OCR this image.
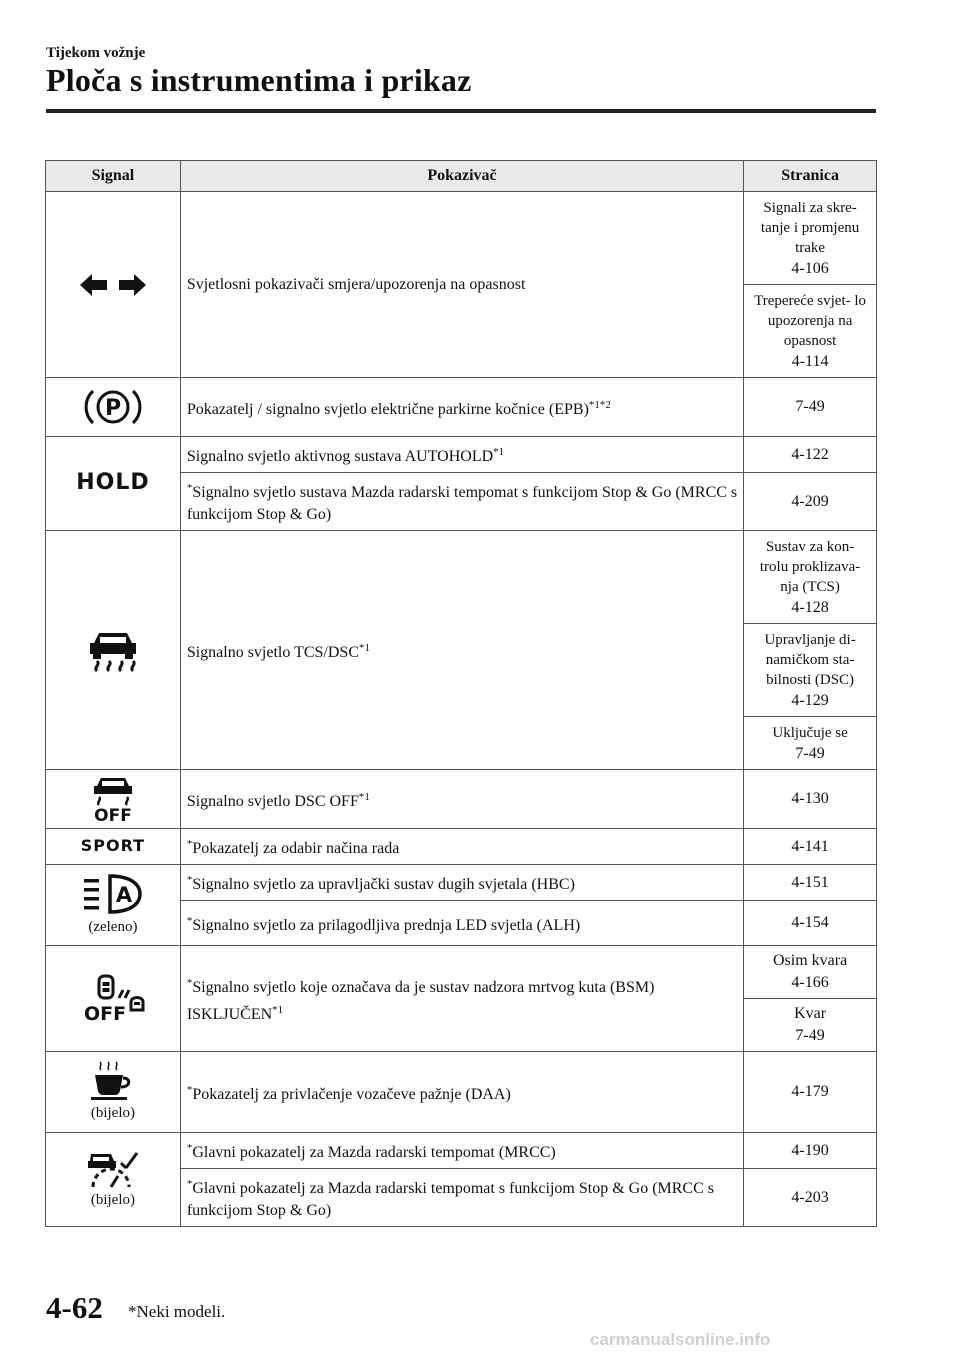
Tijekom vožnje
Ploča s instrumentima i prikaz
Signal	Pokazivač	Stranica

	Svjetlosni pokazivači smjera/upozorenja na opasnost	Signali za skre- tanje i promjenu trake
4-106

		Trepereće svjet- lo upozorenja na opasnost
4-114

P	Pokazatelj / signalno svjetlo električne parkirne kočnice (EPB)$^{*1*2}$	7-49
HOLD	Signalno svjetlo aktivnog sustava AUTOHOLD$^{*1}$	4-122
	*Signalno svjetlo sustava Mazda radarski tempomat s funkcijom Stop & Go (MRCC s funkcijom Stop & Go)	4-209

	Signalno svjetlo TCS/DSC$^{*1}$	Sustav za kon- trolu proklizava- nja (TCS)
4-128

		Upravljanje di- namičkom sta- bilnosti (DSC)
4-129

		Uključuje se
7-49

OFF	Signalno svjetlo DSC OFF$^{*1}$	4-130
SPORT	*Pokazatelj za odabir načina rada	4-141

A
(zeleno)	*Signalno svjetlo za upravljački sustav dugih svjetala (HBC)	4-151
	*Signalno svjetlo za prilagodljiva prednja LED svjetla (ALH)	4-154

OFF	*Signalno svjetlo koje označava da je sustav nadzora mrtvog kuta (BSM) ISKLJUČEN$^{*1}$	Osim kvara
4-166

		Kvar
7-49

(bijelo)	*Pokazatelj za privlačenje vozačeve pažnje (DAA)	4-179

(bijelo)	*Glavni pokazatelj za Mazda radarski tempomat (MRCC)	4-190
	*Glavni pokazatelj za Mazda radarski tempomat s funkcijom Stop & Go (MRCC s funkcijom Stop & Go)	4-203
4-62 *Neki modeli.
carmanualsonline.info
